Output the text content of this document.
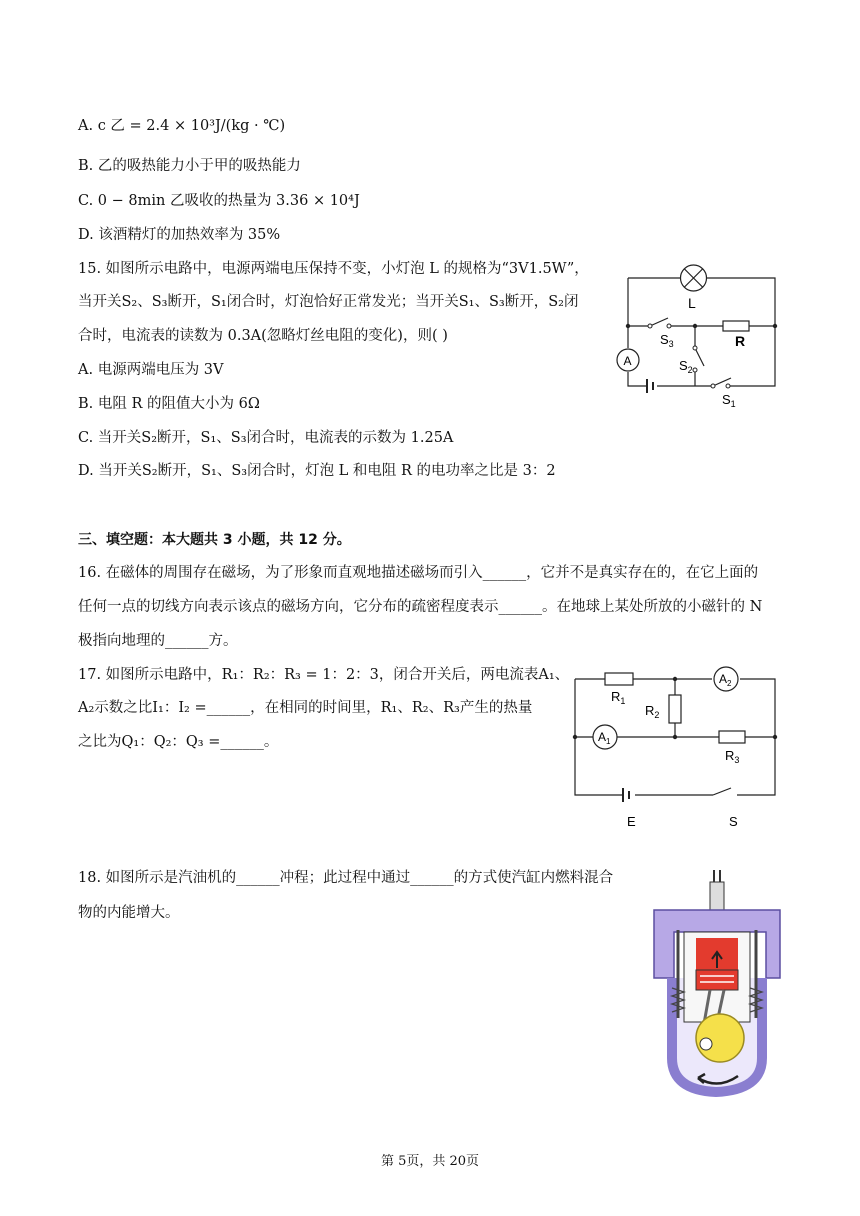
A. c 乙 = 2.4 × 10³J/(kg · ℃)
B. 乙的吸热能力小于甲的吸热能力
C. 0 − 8min 乙吸收的热量为 3.36 × 10⁴J
D. 该酒精灯的加热效率为 35%
15. 如图所示电路中，电源两端电压保持不变，小灯泡 L 的规格为“3V1.5W”，
当开关S₂、S₃断开，S₁闭合时，灯泡恰好正常发光；当开关S₁、S₃断开，S₂闭
合时，电流表的读数为 0.3A(忽略灯丝电阻的变化)，则( )
A. 电源两端电压为 3V
B. 电阻 R 的阻值大小为 6Ω
C. 当开关S₂断开，S₁、S₃闭合时，电流表的示数为 1.25A
D. 当开关S₂断开，S₁、S₃闭合时，灯泡 L 和电阻 R 的电功率之比是 3：2
L
R
A
$S_3$
$S_2$
$S_1$
三、填空题：本大题共 3 小题，共 12 分。
16. 在磁体的周围存在磁场，为了形象而直观地描述磁场而引入______，它并不是真实存在的，在它上面的
任何一点的切线方向表示该点的磁场方向，它分布的疏密程度表示______。在地球上某处所放的小磁针的 N
极指向地理的______方。
17. 如图所示电路中，R₁：R₂：R₃ = 1：2：3，闭合开关后，两电流表A₁、
A₂示数之比I₁：I₂ =______，在相同的时间里，R₁、R₂、R₃产生的热量
之比为Q₁：Q₂：Q₃ =______。
$R_1$
$R_2$
$R_3$
$A_2$
$A_1$
E	S
18. 如图所示是汽油机的______冲程；此过程中通过______的方式使汽缸内燃料混合
物的内能增大。
第 5页，共 20页
